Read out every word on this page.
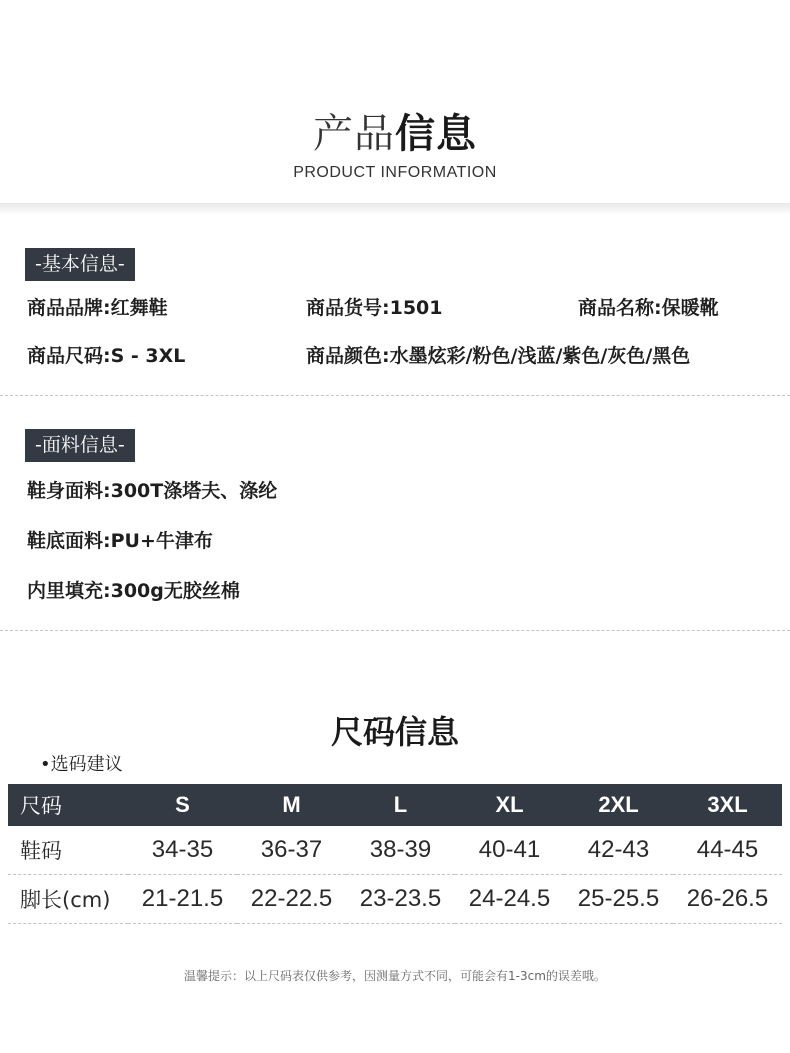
产品信息
PRODUCT INFORMATION
-基本信息-
商品品牌:红舞鞋	商品货号:1501	商品名称:保暖靴
商品尺码:S - 3XL	商品颜色:水墨炫彩/粉色/浅蓝/紫色/灰色/黑色
-面料信息-
鞋身面料:300T涤塔夫、涤纶
鞋底面料:PU+牛津布
内里填充:300g无胶丝棉
尺码信息
•选码建议
尺码	S	M	L	XL	2XL	3XL
鞋码	34-35	36-37	38-39	40-41	42-43	44-45
脚长(cm)	21-21.5	22-22.5	23-23.5	24-24.5	25-25.5	26-26.5
温馨提示：以上尺码表仅供参考，因测量方式不同，可能会有1-3cm的误差哦。
